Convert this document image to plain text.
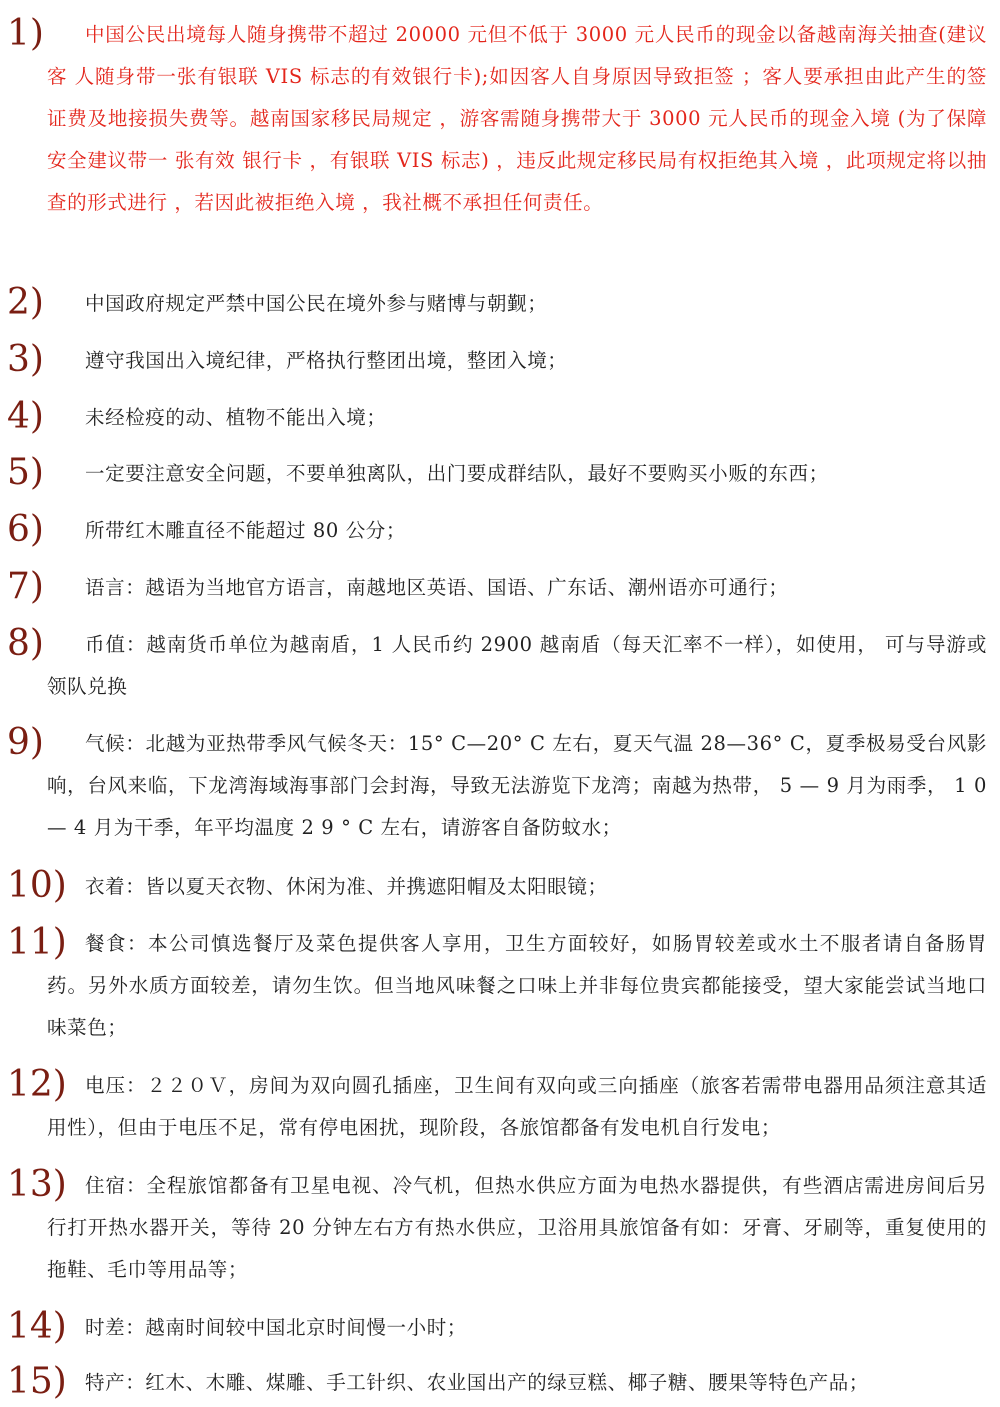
1)	中国公民出境每人随身携带不超过 20000 元但不低于 3000 元人民币的现金以备越南海关抽查(建议客 人随身带一张有银联 VIS 标志的有效银行卡);如因客人自身原因导致拒签 ；客人要承担由此产生的签证费及地接损失费等。越南国家移民局规定 ，游客需随身携带大于 3000 元人民币的现金入境 (为了保障安全建议带一 张有效 银行卡 ，有银联 VIS 标志) ，违反此规定移民局有权拒绝其入境 ，此项规定将以抽查的形式进行 ，若因此被拒绝入境 ，我社概不承担任何责任。

2)	中国政府规定严禁中国公民在境外参与赌博与朝觐；

3)	遵守我国出入境纪律，严格执行整团出境，整团入境；

4)	未经检疫的动、植物不能出入境；

5)	一定要注意安全问题，不要单独离队，出门要成群结队，最好不要购买小贩的东西；

6)	所带红木雕直径不能超过 80 公分；

7)	语言：越语为当地官方语言，南越地区英语、国语、广东话、潮州语亦可通行；

8)	币值：越南货币单位为越南盾，1 人民币约 2900 越南盾（每天汇率不一样），如使用， 可与导游或领队兑换

9)	气候：北越为亚热带季风气候冬天：15° C—20° C 左右，夏天气温 28—36° C，夏季极易受台风影响，台风来临，下龙湾海域海事部门会封海，导致无法游览下龙湾；南越为热带， 5 — 9 月为雨季， 1 0 — 4 月为干季，年平均温度 2 9 ° C 左右，请游客自备防蚊水；

10) 衣着：皆以夏天衣物、休闲为准、并携遮阳帽及太阳眼镜；

11) 餐食：本公司慎选餐厅及菜色提供客人享用，卫生方面较好，如肠胃较差或水土不服者请自备肠胃药。另外水质方面较差，请勿生饮。但当地风味餐之口味上并非每位贵宾都能接受，望大家能尝试当地口味菜色；

12) 电压：２２０Ｖ，房间为双向圆孔插座，卫生间有双向或三向插座（旅客若需带电器用品须注意其适用性），但由于电压不足，常有停电困扰，现阶段，各旅馆都备有发电机自行发电；

13) 住宿：全程旅馆都备有卫星电视、冷气机，但热水供应方面为电热水器提供，有些酒店需进房间后另行打开热水器开关，等待 20 分钟左右方有热水供应，卫浴用具旅馆备有如：牙膏、牙刷等，重复使用的拖鞋、毛巾等用品等；

14) 时差：越南时间较中国北京时间慢一小时；

15) 特产：红木、木雕、煤雕、手工针织、农业国出产的绿豆糕、椰子糖、腰果等特色产品；
